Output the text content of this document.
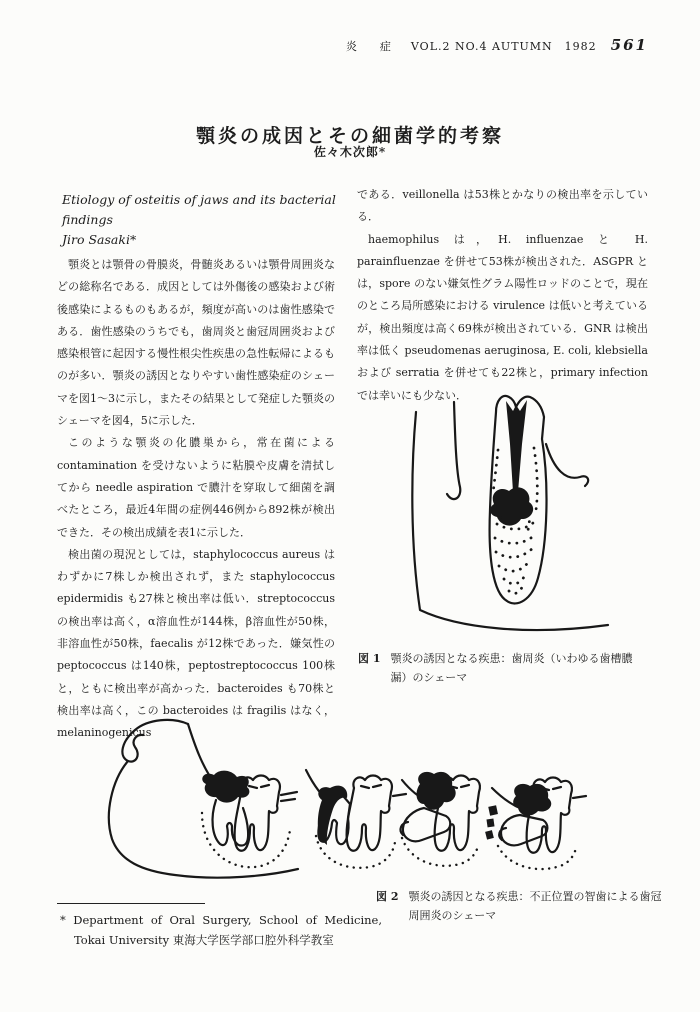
炎　症 VOL.2 NO.4 AUTUMN　1982 561
顎炎の成因とその細菌学的考察
佐々木次郎*
Etiology of osteitis of jaws and its bacterial findings
Jiro Sasaki*

顎炎とは顎骨の骨膜炎，骨髄炎あるいは顎骨周囲炎などの総称名である．成因としては外傷後の感染および術後感染によるものもあるが，頻度が高いのは歯性感染である．歯性感染のうちでも，歯周炎と歯冠周囲炎および感染根管に起因する慢性根尖性疾患の急性転帰によるものが多い．顎炎の誘因となりやすい歯性感染症のシェーマを図1〜3に示し，またその結果として発症した顎炎のシェーマを図4，5に示した．

このような顎炎の化膿巣から，常在菌による contamination を受けないように粘膜や皮膚を清拭してから needle aspiration で膿汁を穿取して細菌を調べたところ，最近4年間の症例446例から892株が検出できた．その検出成績を表1に示した．

検出菌の現況としては，staphylococcus aureus はわずかに7株しか検出されず，また staphylococcus epidermidis も27株と検出率は低い．streptococcus の検出率は高く，α溶血性が144株，β溶血性が50株，非溶血性が50株，faecalis が12株であった．嫌気性の peptococcus は140株，peptostreptococcus 100株と，ともに検出率が高かった．bacteroides も70株と検出率は高く，この bacteroides は fragilis はなく，melaninogenicus

である．veillonella は53株とかなりの検出率を示している．

haemophilus は，H. influenzae と H. parainfluenzae を併せて53株が検出された．ASGPR とは，spore のない嫌気性グラム陽性ロッドのことで，現在のところ局所感染における virulence は低いと考えているが，検出頻度は高く69株が検出されている．GNR は検出率は低く pseudomenas aeruginosa, E. coli, klebsiella および serratia を併せても22株と，primary infection では幸いにも少ない．

図 1 顎炎の誘因となる疾患：歯周炎（いわゆる歯槽膿漏）のシェーマ
図 2 顎炎の誘因となる疾患：不正位置の智歯による歯冠周囲炎のシェーマ
* Department of Oral Surgery, School of Medicine, Tokai University 東海大学医学部口腔外科学教室
